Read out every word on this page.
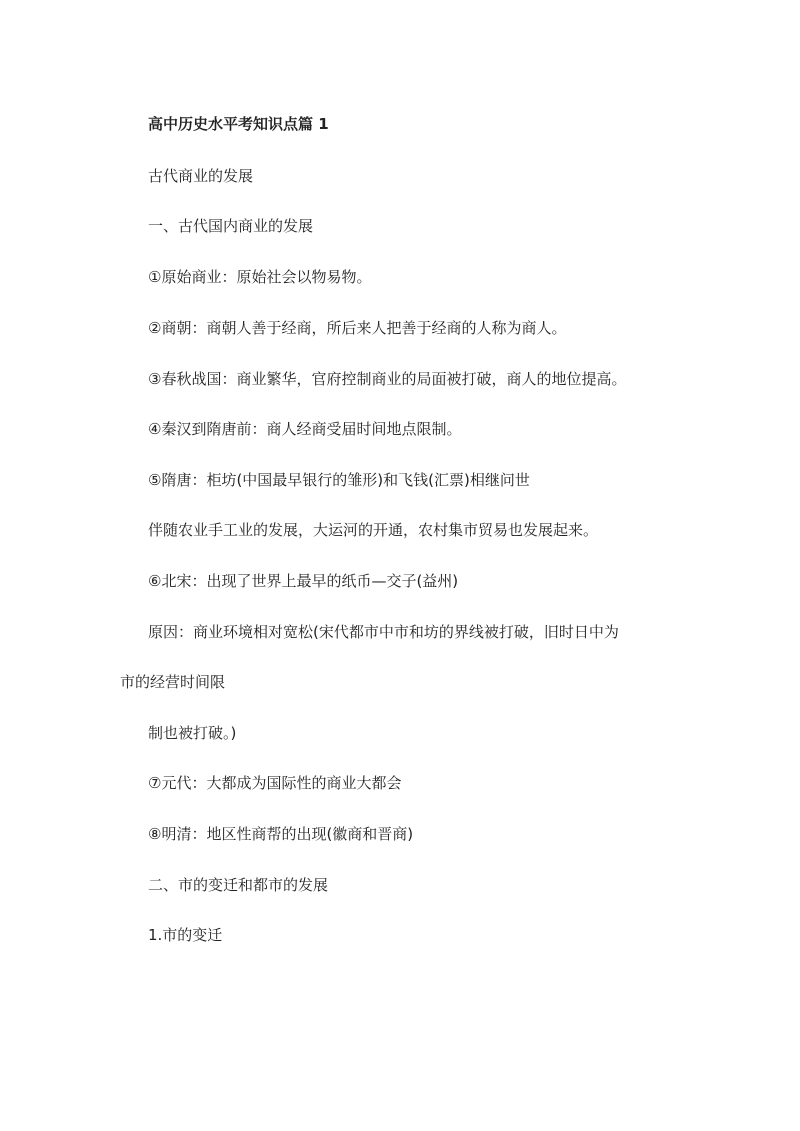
高中历史水平考知识点篇 1
古代商业的发展
一、古代国内商业的发展
①原始商业：原始社会以物易物。
②商朝：商朝人善于经商，所后来人把善于经商的人称为商人。
③春秋战国：商业繁华，官府控制商业的局面被打破，商人的地位提高。
④秦汉到隋唐前：商人经商受届时间地点限制。
⑤隋唐：柜坊(中国最早银行的雏形)和飞钱(汇票)相继问世
伴随农业手工业的发展，大运河的开通，农村集市贸易也发展起来。
⑥北宋：出现了世界上最早的纸币—交子(益州)
原因：商业环境相对宽松(宋代都市中市和坊的界线被打破，旧时日中为
市的经营时间限
制也被打破。)
⑦元代：大都成为国际性的商业大都会
⑧明清：地区性商帮的出现(徽商和晋商)
二、市的变迁和都市的发展
1.市的变迁
